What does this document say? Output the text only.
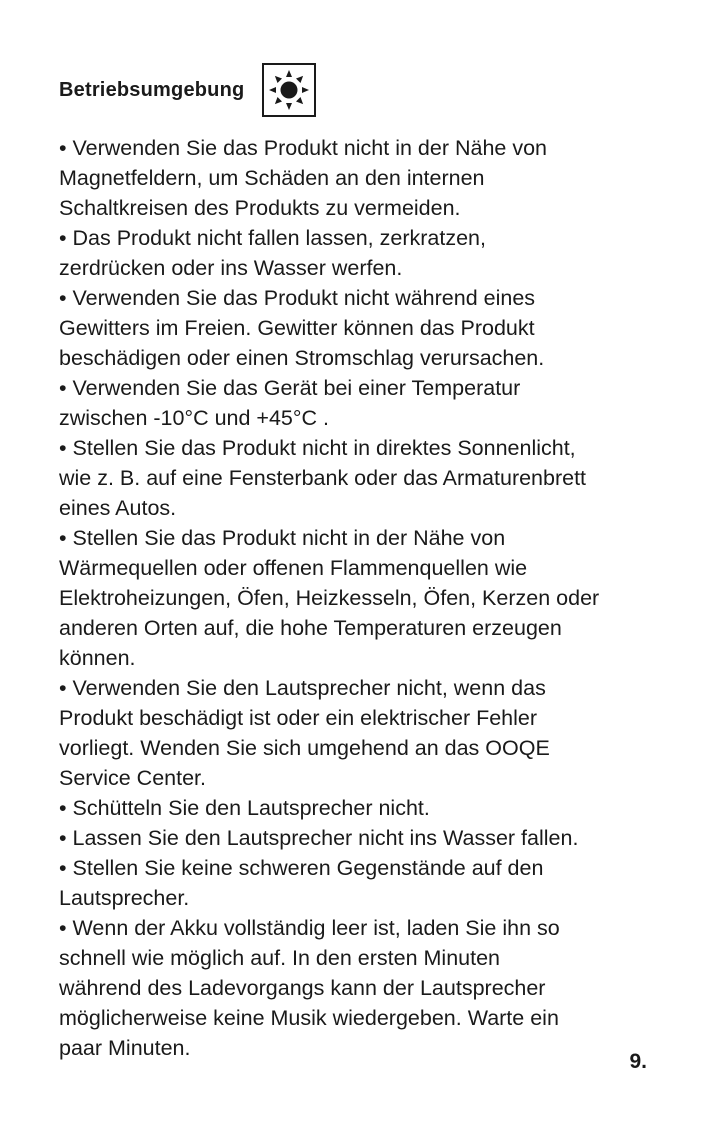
Betriebsumgebung
• Verwenden Sie das Produkt nicht in der Nähe von
Magnetfeldern, um Schäden an den internen
Schaltkreisen des Produkts zu vermeiden.
• Das Produkt nicht fallen lassen, zerkratzen,
zerdrücken oder ins Wasser werfen.
• Verwenden Sie das Produkt nicht während eines
Gewitters im Freien. Gewitter können das Produkt
beschädigen oder einen Stromschlag verursachen.
• Verwenden Sie das Gerät bei einer Temperatur
zwischen -10°C und +45°C .
• Stellen Sie das Produkt nicht in direktes Sonnenlicht,
wie z. B. auf eine Fensterbank oder das Armaturenbrett
eines Autos.
• Stellen Sie das Produkt nicht in der Nähe von
Wärmequellen oder offenen Flammenquellen wie
Elektroheizungen, Öfen, Heizkesseln, Öfen, Kerzen oder
anderen Orten auf, die hohe Temperaturen erzeugen
können.
• Verwenden Sie den Lautsprecher nicht, wenn das
Produkt beschädigt ist oder ein elektrischer Fehler
vorliegt. Wenden Sie sich umgehend an das OOQE
Service Center.
• Schütteln Sie den Lautsprecher nicht.
• Lassen Sie den Lautsprecher nicht ins Wasser fallen.
• Stellen Sie keine schweren Gegenstände auf den
Lautsprecher.
• Wenn der Akku vollständig leer ist, laden Sie ihn so
schnell wie möglich auf. In den ersten Minuten
während des Ladevorgangs kann der Lautsprecher
möglicherweise keine Musik wiedergeben. Warte ein
paar Minuten.
9.
